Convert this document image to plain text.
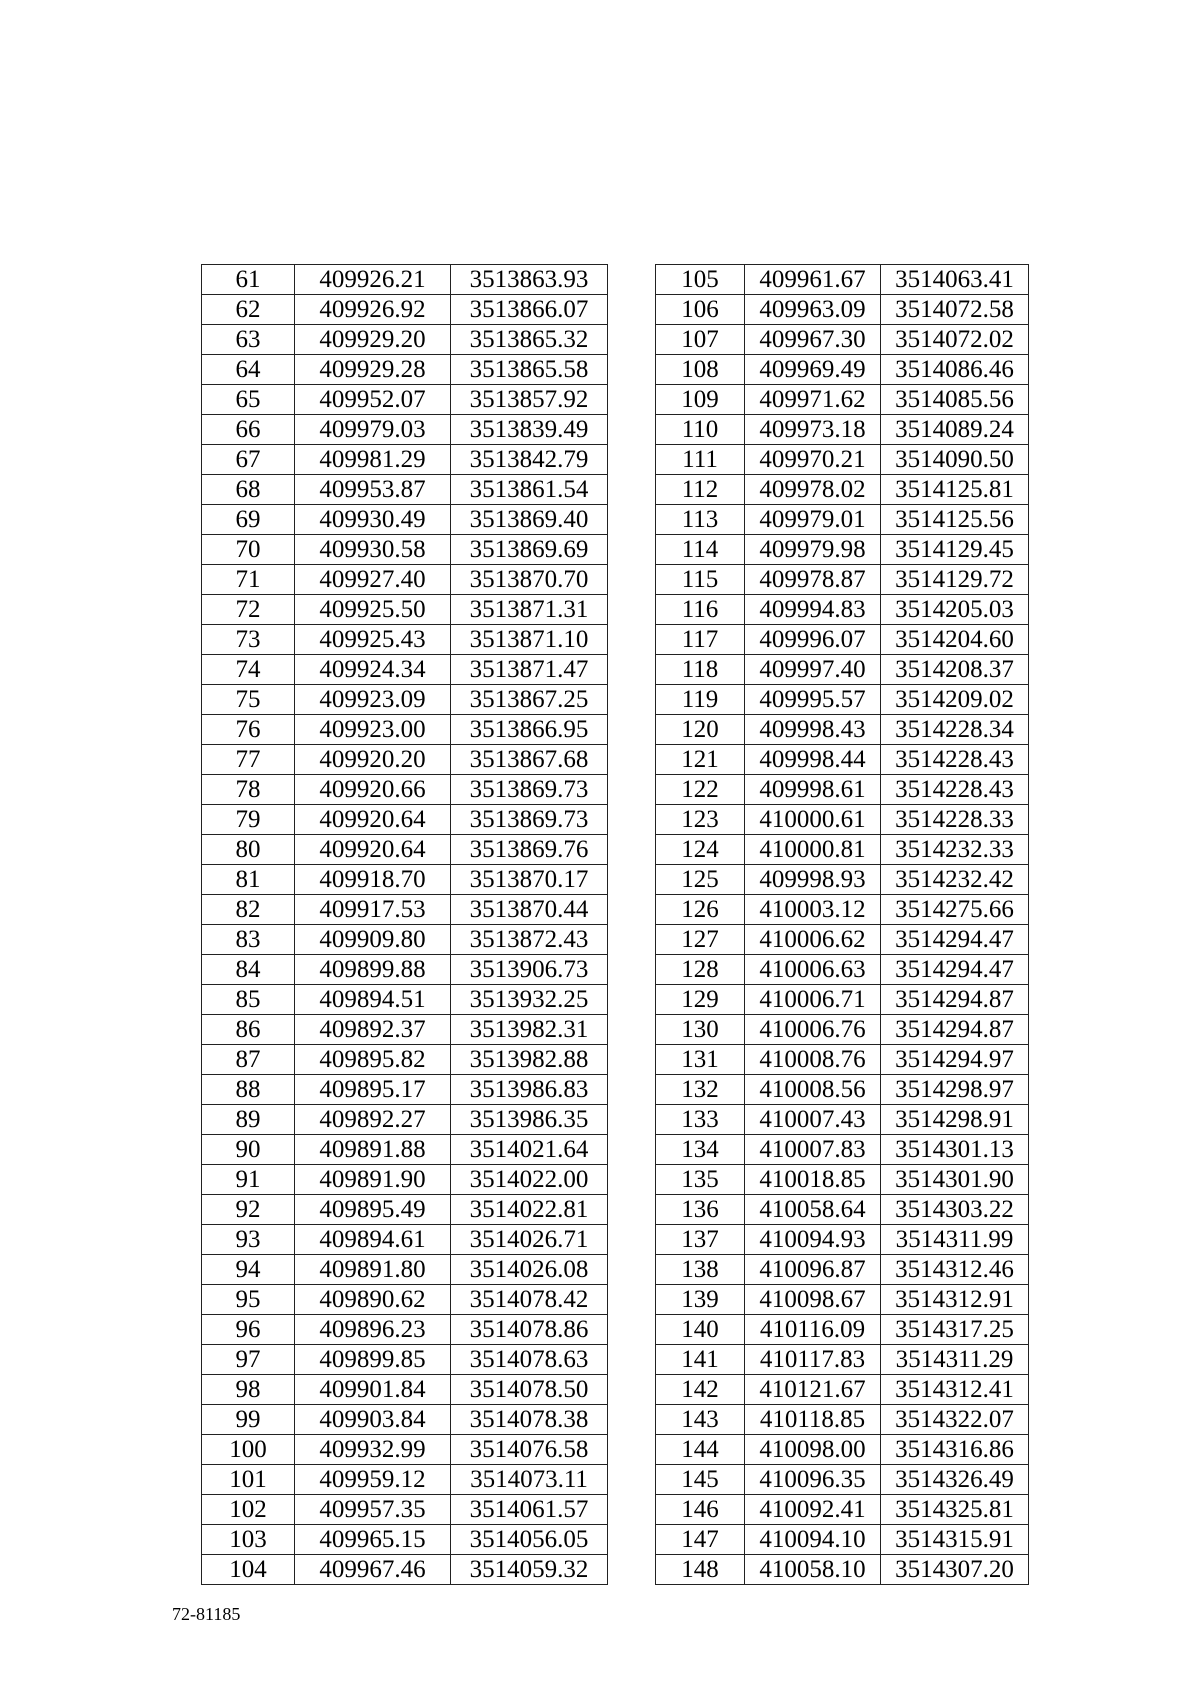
61	409926.21	3513863.93
62	409926.92	3513866.07
63	409929.20	3513865.32
64	409929.28	3513865.58
65	409952.07	3513857.92
66	409979.03	3513839.49
67	409981.29	3513842.79
68	409953.87	3513861.54
69	409930.49	3513869.40
70	409930.58	3513869.69
71	409927.40	3513870.70
72	409925.50	3513871.31
73	409925.43	3513871.10
74	409924.34	3513871.47
75	409923.09	3513867.25
76	409923.00	3513866.95
77	409920.20	3513867.68
78	409920.66	3513869.73
79	409920.64	3513869.73
80	409920.64	3513869.76
81	409918.70	3513870.17
82	409917.53	3513870.44
83	409909.80	3513872.43
84	409899.88	3513906.73
85	409894.51	3513932.25
86	409892.37	3513982.31
87	409895.82	3513982.88
88	409895.17	3513986.83
89	409892.27	3513986.35
90	409891.88	3514021.64
91	409891.90	3514022.00
92	409895.49	3514022.81
93	409894.61	3514026.71
94	409891.80	3514026.08
95	409890.62	3514078.42
96	409896.23	3514078.86
97	409899.85	3514078.63
98	409901.84	3514078.50
99	409903.84	3514078.38
100	409932.99	3514076.58
101	409959.12	3514073.11
102	409957.35	3514061.57
103	409965.15	3514056.05
104	409967.46	3514059.32
105	409961.67	3514063.41
106	409963.09	3514072.58
107	409967.30	3514072.02
108	409969.49	3514086.46
109	409971.62	3514085.56
110	409973.18	3514089.24
111	409970.21	3514090.50
112	409978.02	3514125.81
113	409979.01	3514125.56
114	409979.98	3514129.45
115	409978.87	3514129.72
116	409994.83	3514205.03
117	409996.07	3514204.60
118	409997.40	3514208.37
119	409995.57	3514209.02
120	409998.43	3514228.34
121	409998.44	3514228.43
122	409998.61	3514228.43
123	410000.61	3514228.33
124	410000.81	3514232.33
125	409998.93	3514232.42
126	410003.12	3514275.66
127	410006.62	3514294.47
128	410006.63	3514294.47
129	410006.71	3514294.87
130	410006.76	3514294.87
131	410008.76	3514294.97
132	410008.56	3514298.97
133	410007.43	3514298.91
134	410007.83	3514301.13
135	410018.85	3514301.90
136	410058.64	3514303.22
137	410094.93	3514311.99
138	410096.87	3514312.46
139	410098.67	3514312.91
140	410116.09	3514317.25
141	410117.83	3514311.29
142	410121.67	3514312.41
143	410118.85	3514322.07
144	410098.00	3514316.86
145	410096.35	3514326.49
146	410092.41	3514325.81
147	410094.10	3514315.91
148	410058.10	3514307.20
72-81185
